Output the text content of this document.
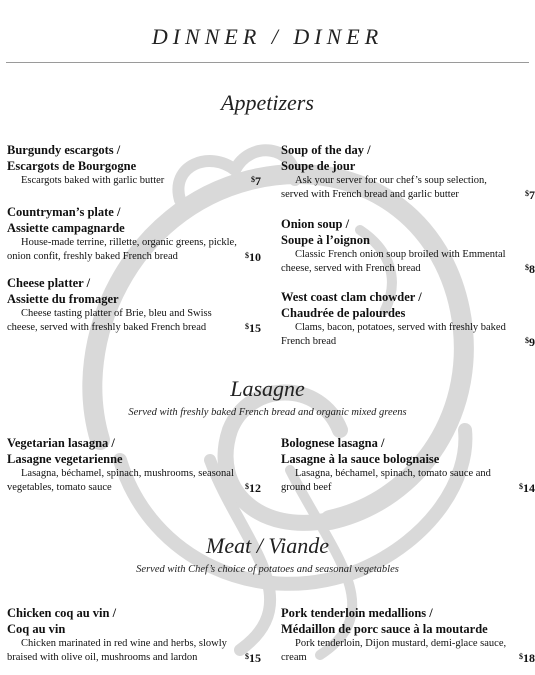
DINNER / DINER
Appetizers
Burgundy escargots /
Escargots de Bourgogne
Escargots baked with garlic butter	$7
Soup of the day /
Soupe de jour
Ask your server for our chef’s soup selection, served with French bread and garlic butter	$7
Countryman’s plate /
Assiette campagnarde
House-made terrine, rillette, organic greens, pickle, onion confit, freshly baked French bread	$10
Onion soup /
Soupe à l’oignon
Classic French onion soup broiled with Emmental cheese, served with French bread	$8
Cheese platter /
Assiette du fromager
Cheese tasting platter of Brie, bleu and Swiss cheese, served with freshly baked French bread	$15
West coast clam chowder /
Chaudrée de palourdes
Clams, bacon, potatoes, served with freshly baked French bread	$9
Lasagne
Served with freshly baked French bread and organic mixed greens
Vegetarian lasagna /
Lasagne vegetarienne
Lasagna, béchamel, spinach, mushrooms, seasonal vegetables, tomato sauce	$12
Bolognese lasagna /
Lasagne à la sauce bolognaise
Lasagna, béchamel, spinach, tomato sauce and ground beef	$14
Meat / Viande
Served with Chef’s choice of potatoes and seasonal vegetables
Chicken coq au vin /
Coq au vin
Chicken marinated in red wine and herbs, slowly braised with olive oil, mushrooms and lardon	$15
Pork tenderloin medallions /
Médaillon de porc sauce à la moutarde
Pork tenderloin, Dijon mustard, demi-glace sauce, cream	$18
